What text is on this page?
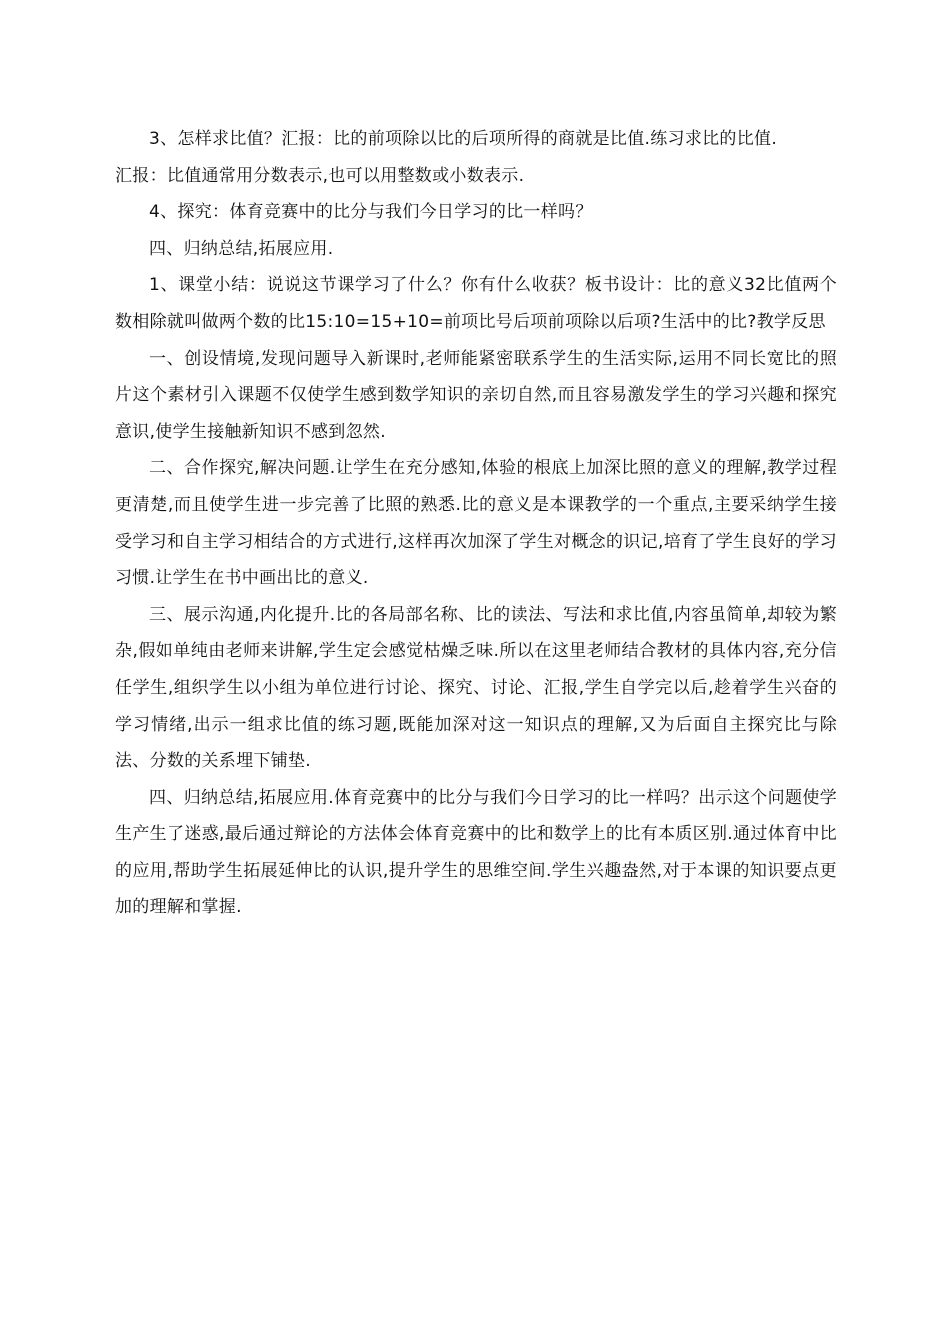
3、怎样求比值？汇报：比的前项除以比的后项所得的商就是比值.练习求比的比值.

汇报：比值通常用分数表示,也可以用整数或小数表示.

4、探究：体育竞赛中的比分与我们今日学习的比一样吗？

四、归纳总结,拓展应用.

1、课堂小结：说说这节课学习了什么？你有什么收获？板书设计：比的意义32比值两个数相除就叫做两个数的比15:10=15+10=前项比号后项前项除以后项?生活中的比?教学反思

一、创设情境,发现问题导入新课时,老师能紧密联系学生的生活实际,运用不同长宽比的照片这个素材引入课题不仅使学生感到数学知识的亲切自然,而且容易激发学生的学习兴趣和探究意识,使学生接触新知识不感到忽然.

二、合作探究,解决问题.让学生在充分感知,体验的根底上加深比照的意义的理解,教学过程更清楚,而且使学生进一步完善了比照的熟悉.比的意义是本课教学的一个重点,主要采纳学生接受学习和自主学习相结合的方式进行,这样再次加深了学生对概念的识记,培育了学生良好的学习习惯.让学生在书中画出比的意义.

三、展示沟通,内化提升.比的各局部名称、比的读法、写法和求比值,内容虽简单,却较为繁杂,假如单纯由老师来讲解,学生定会感觉枯燥乏味.所以在这里老师结合教材的具体内容,充分信任学生,组织学生以小组为单位进行讨论、探究、讨论、汇报,学生自学完以后,趁着学生兴奋的学习情绪,出示一组求比值的练习题,既能加深对这一知识点的理解,又为后面自主探究比与除法、分数的关系埋下铺垫.

四、归纳总结,拓展应用.体育竞赛中的比分与我们今日学习的比一样吗？出示这个问题使学生产生了迷惑,最后通过辩论的方法体会体育竞赛中的比和数学上的比有本质区别.通过体育中比的应用,帮助学生拓展延伸比的认识,提升学生的思维空间.学生兴趣盎然,对于本课的知识要点更加的理解和掌握.
